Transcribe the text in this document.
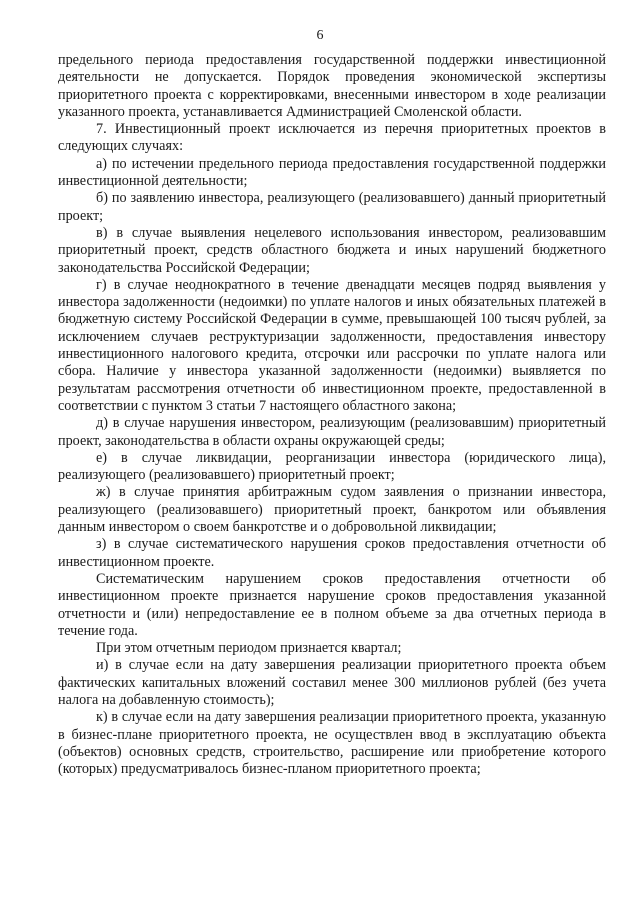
6

предельного периода предоставления государственной поддержки инвестиционной деятельности не допускается. Порядок проведения экономической экспертизы приоритетного проекта с корректировками, внесенными инвестором в ходе реализации указанного проекта, устанавливается Администрацией Смоленской области.

7. Инвестиционный проект исключается из перечня приоритетных проектов в следующих случаях:

а) по истечении предельного периода предоставления государственной поддержки инвестиционной деятельности;

б) по заявлению инвестора, реализующего (реализовавшего) данный приоритетный проект;

в) в случае выявления нецелевого использования инвестором, реализовавшим приоритетный проект, средств областного бюджета и иных нарушений бюджетного законодательства Российской Федерации;

г) в случае неоднократного в течение двенадцати месяцев подряд выявления у инвестора задолженности (недоимки) по уплате налогов и иных обязательных платежей в бюджетную систему Российской Федерации в сумме, превышающей 100 тысяч рублей, за исключением случаев реструктуризации задолженности, предоставления инвестору инвестиционного налогового кредита, отсрочки или рассрочки по уплате налога или сбора. Наличие у инвестора указанной задолженности (недоимки) выявляется по результатам рассмотрения отчетности об инвестиционном проекте, предоставленной в соответствии с пунктом 3 статьи 7 настоящего областного закона;

д) в случае нарушения инвестором, реализующим (реализовавшим) приоритетный проект, законодательства в области охраны окружающей среды;

е) в случае ликвидации, реорганизации инвестора (юридического лица), реализующего (реализовавшего) приоритетный проект;

ж) в случае принятия арбитражным судом заявления о признании инвестора, реализующего (реализовавшего) приоритетный проект, банкротом или объявления данным инвестором о своем банкротстве и о добровольной ликвидации;

з) в случае систематического нарушения сроков предоставления отчетности об инвестиционном проекте.

Систематическим нарушением сроков предоставления отчетности об инвестиционном проекте признается нарушение сроков предоставления указанной отчетности и (или) непредоставление ее в полном объеме за два отчетных периода в течение года.

При этом отчетным периодом признается квартал;

и) в случае если на дату завершения реализации приоритетного проекта объем фактических капитальных вложений составил менее 300 миллионов рублей (без учета налога на добавленную стоимость);

к) в случае если на дату завершения реализации приоритетного проекта, указанную в бизнес-плане приоритетного проекта, не осуществлен ввод в эксплуатацию объекта (объектов) основных средств, строительство, расширение или приобретение которого (которых) предусматривалось бизнес-планом приоритетного проекта;
